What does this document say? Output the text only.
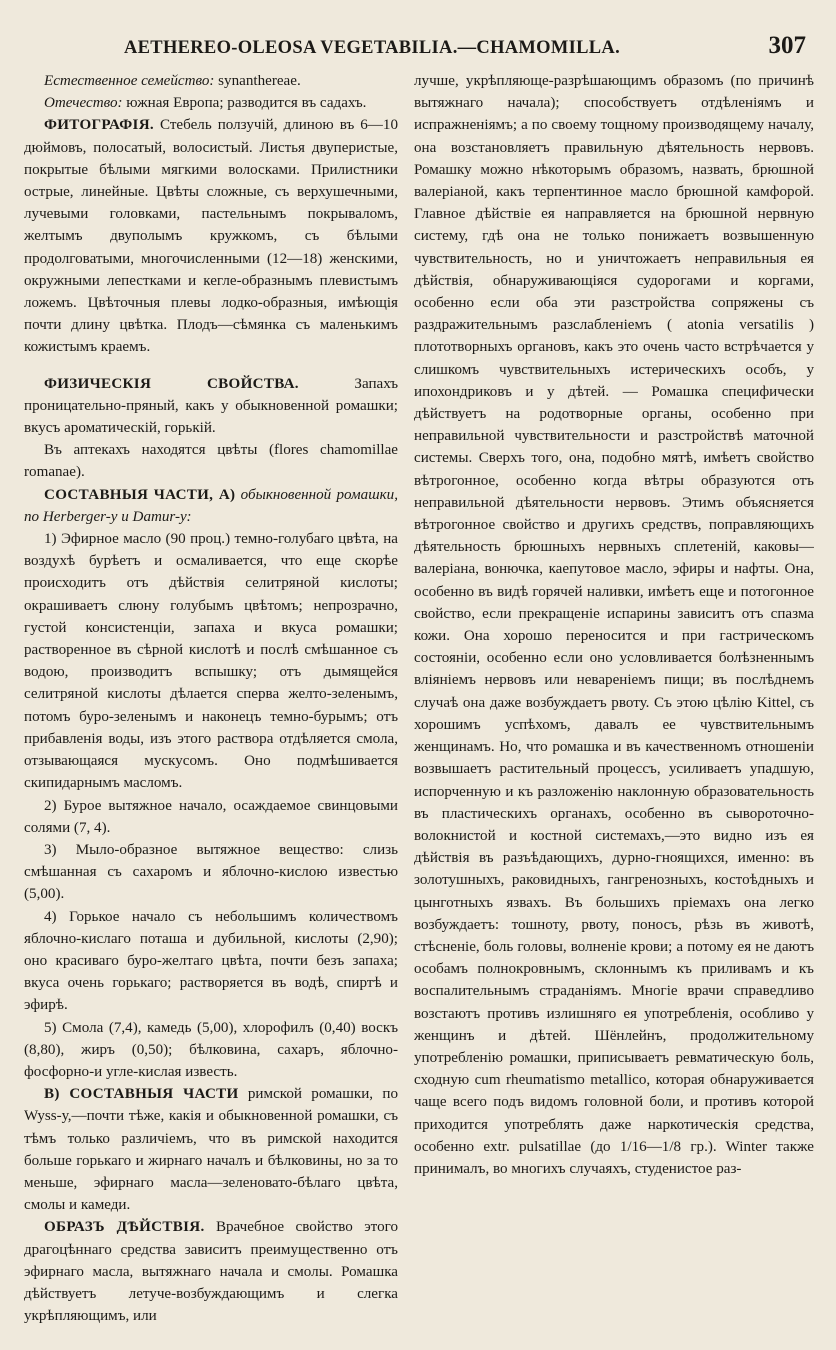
AETHEREO-OLEOSA VEGETABILIA.—CHAMOMILLA.	307

Естественное семейство: synantherеae.

Отечество: южная Европа; разводится въ садахъ.

ФИТОГРАФІЯ. Стебель ползучій, длиною въ 6—10 дюймовъ, полосатый, волосистый. Листья двуперистые, покрытые бѣлыми мягкими волосками. Прилистники острые, линейные. Цвѣты сложные, съ верхушечными, лучевыми головками, пастельнымъ покрываломъ, желтымъ двуполымъ кружкомъ, съ бѣлыми продолговатыми, многочисленными (12—18) женскими, окружными лепестками и кегле-образнымъ плевистымъ ложемъ. Цвѣточныя плевы лодко-образныя, имѣющія почти длину цвѣтка. Плодъ—сѣмянка съ маленькимъ кожистымъ краемъ.

ФИЗИЧЕСКІЯ СВОЙСТВА. Запахъ проницательно-пряный, какъ у обыкновенной ромашки; вкусъ ароматическій, горькій.

Въ аптекахъ находятся цвѣты (flores chamomillae romanae).

СОСТАВНЫЯ ЧАСТИ, А) обыкновенной ромашки, по Herberger-у и Damur-у:

1) Эфирное масло (90 проц.) темно-голубаго цвѣта, на воздухѣ бурѣетъ и осмаливается, что еще скорѣе происходитъ отъ дѣйствія селитряной кислоты; окрашиваетъ слюну голубымъ цвѣтомъ; непрозрачно, густой консистенціи, запаха и вкуса ромашки; растворенное въ сѣрной кислотѣ и послѣ смѣшанное съ водою, производитъ вспышку; отъ дымящейся селитряной кислоты дѣлается сперва желто-зеленымъ, потомъ буро-зеленымъ и наконецъ темно-бурымъ; отъ прибавленія воды, изъ этого раствора отдѣляется смола, отзывающаяся мускусомъ. Оно подмѣшивается скипидарнымъ масломъ.

2) Бурое вытяжное начало, осаждаемое свинцовыми солями (7, 4).

3) Мыло-образное вытяжное вещество: слизь смѣшанная съ сахаромъ и яблочно-кислою известью (5,00).

4) Горькое начало съ небольшимъ количествомъ яблочно-кислаго поташа и дубильной, кислоты (2,90); оно красиваго буро-желтаго цвѣта, почти безъ запаха; вкуса очень горькаго; растворяется въ водѣ, спиртѣ и эфирѣ.

5) Смола (7,4), камедь (5,00), хлорофилъ (0,40) воскъ (8,80), жиръ (0,50); бѣлковина, сахаръ, яблочно-фосфорно-и угле-кислая известь.

В) СОСТАВНЫЯ ЧАСТИ римской ромашки, по Wyss-у,—почти тѣже, какія и обыкновенной ромашки, съ тѣмъ только различіемъ, что въ римской находится больше горькаго и жирнаго началъ и бѣлковины, но за то меньше, эфирнаго масла—зеленовато-бѣлаго цвѣта, смолы и камеди.

ОБРАЗЪ ДѢЙСТВІЯ. Врачебное свойство этого драгоцѣннаго средства зависитъ преимущественно отъ эфирнаго масла, вытяжнаго начала и смолы. Ромашка дѣйствуетъ летуче-возбуждающимъ и слегка укрѣпляющимъ, или

лучше, укрѣпляюще-разрѣшающимъ образомъ (по причинѣ вытяжнаго начала); способствуетъ отдѣленіямъ и испражненіямъ; а по своему тощному производящему началу, она возстановляетъ правильную дѣятельность нервовъ. Ромашку можно нѣкоторымъ образомъ, назвать, брюшной валеріаной, какъ терпентинное масло брюшной камфорой. Главное дѣйствіе ея направляется на брюшной нервную систему, гдѣ она не только понижаетъ возвышенную чувствительность, но и уничтожаетъ неправильныя ея дѣйствія, обнаруживающіяся судорогами и коргами, особенно если оба эти разстройства сопряжены съ раздражительнымъ разслабленіемъ ( atonia versatilis ) плототворныхъ органовъ, какъ это очень часто встрѣчается у слишкомъ чувствительныхъ истерическихъ особъ, у ипохондриковъ и у дѣтей. — Ромашка специфически дѣйствуетъ на родотворные органы, особенно при неправильной чувствительности и разстройствѣ маточной системы. Сверхъ того, она, подобно мятѣ, имѣетъ свойство вѣтрогонное, особенно когда вѣтры образуются отъ неправильной дѣятельности нервовъ. Этимъ объясняется вѣтрогонное свойство и другихъ средствъ, поправляющихъ дѣятельность брюшныхъ нервныхъ сплетеній, каковы—валеріана, вонючка, каепутовое масло, эфиры и нафты. Она, особенно въ видѣ горячей наливки, имѣетъ еще и потогонное свойство, если прекращеніе испарины зависитъ отъ спазма кожи. Она хорошо переносится и при гастрическомъ состояніи, особенно если оно условливается болѣзненнымъ вліяніемъ нервовъ или неваренiемъ пищи; въ послѣднемъ случаѣ она даже возбуждаетъ рвоту. Съ этою цѣлію Kittel, съ хорошимъ успѣхомъ, давалъ ее чувствительнымъ женщинамъ. Но, что ромашка и въ качественномъ отношеніи возвышаетъ растительный процессъ, усиливаетъ упадшую, испорченную и къ разложенію наклонную образовательность въ пластическихъ органахъ, особенно въ сывороточно-волокнистой и костной системахъ,—это видно изъ ея дѣйствія въ разъѣдающихъ, дурно-гноящихся, именно: въ золотушныхъ, раковидныхъ, гангренозныхъ, костоѣдныхъ и цынготныхъ язвахъ. Въ большихъ пріемахъ она легко возбуждаетъ: тошноту, рвоту, поносъ, рѣзь въ животѣ, стѣсненіе, боль головы, волненіе крови; а потому ея не даютъ особамъ полнокровнымъ, склоннымъ къ приливамъ и къ воспалительнымъ страданіямъ. Многіе врачи справедливо возстаютъ противъ излишняго ея употребленія, особливо у женщинъ и дѣтей. Шёнлейнъ, продолжительному употребленію ромашки, приписываетъ ревматическую боль, сходную cum rheumatismo metallico, которая обнаруживается чаще всего подъ видомъ головной боли, и противъ которой приходится употреблять даже наркотическія средства, особенно extr. pulsatillae (до 1/16—1/8 гр.). Winter также принималъ, во многихъ случаяхъ, студенистое раз-
